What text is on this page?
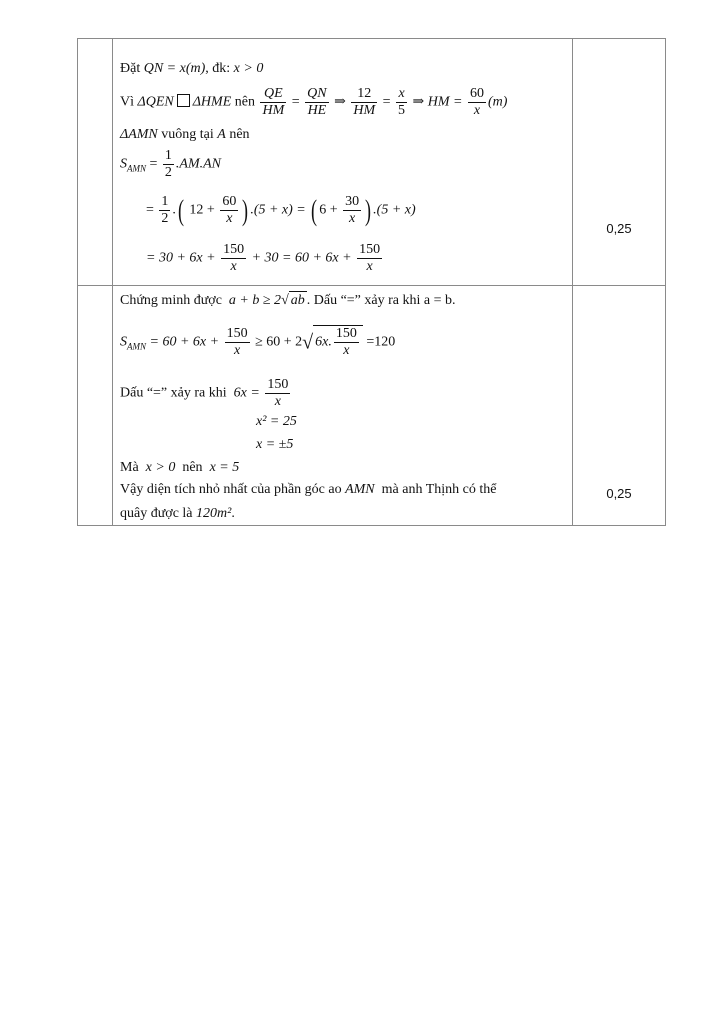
Đặt QN = x(m), đk: x > 0
Vì ΔQEN ΔHME nên $\frac{QE}{HM} = \frac{QN}{HE}$ ⇒ $\frac{12}{HM} = \frac{x}{5}$ ⇒ HM = $\frac{60}{x} (m)$
ΔAMN vuông tại A nên
$S_{AMN} = \frac{1}{2} .AM.AN$
= $\frac{1}{2}$ .( $12 + \frac{60}{x}$ ) .(5 + x) = ( $6 + \frac{30}{x}$ ) .(5 + x)
= $30 + 6x + \frac{150}{x} + 30 = 60 + 6x + \frac{150}{x}$
0,25
Chứng minh được a + b ≥ 2√ ab . Dấu “=” xảy ra khi a = b.
$S_{AMN} = 60 + 6x + \frac{150}{x} \ge 60 + 2√$ 6x. $\frac{150}{x} =120$
Dấu “=” xảy ra khi $6x = \frac{150}{x}$
x² = 25
x = ±5
Mà x > 0 nên x = 5
Vậy diện tích nhỏ nhất của phần góc ao AMN mà anh Thịnh có thể
quây được là 120m².
0,25
